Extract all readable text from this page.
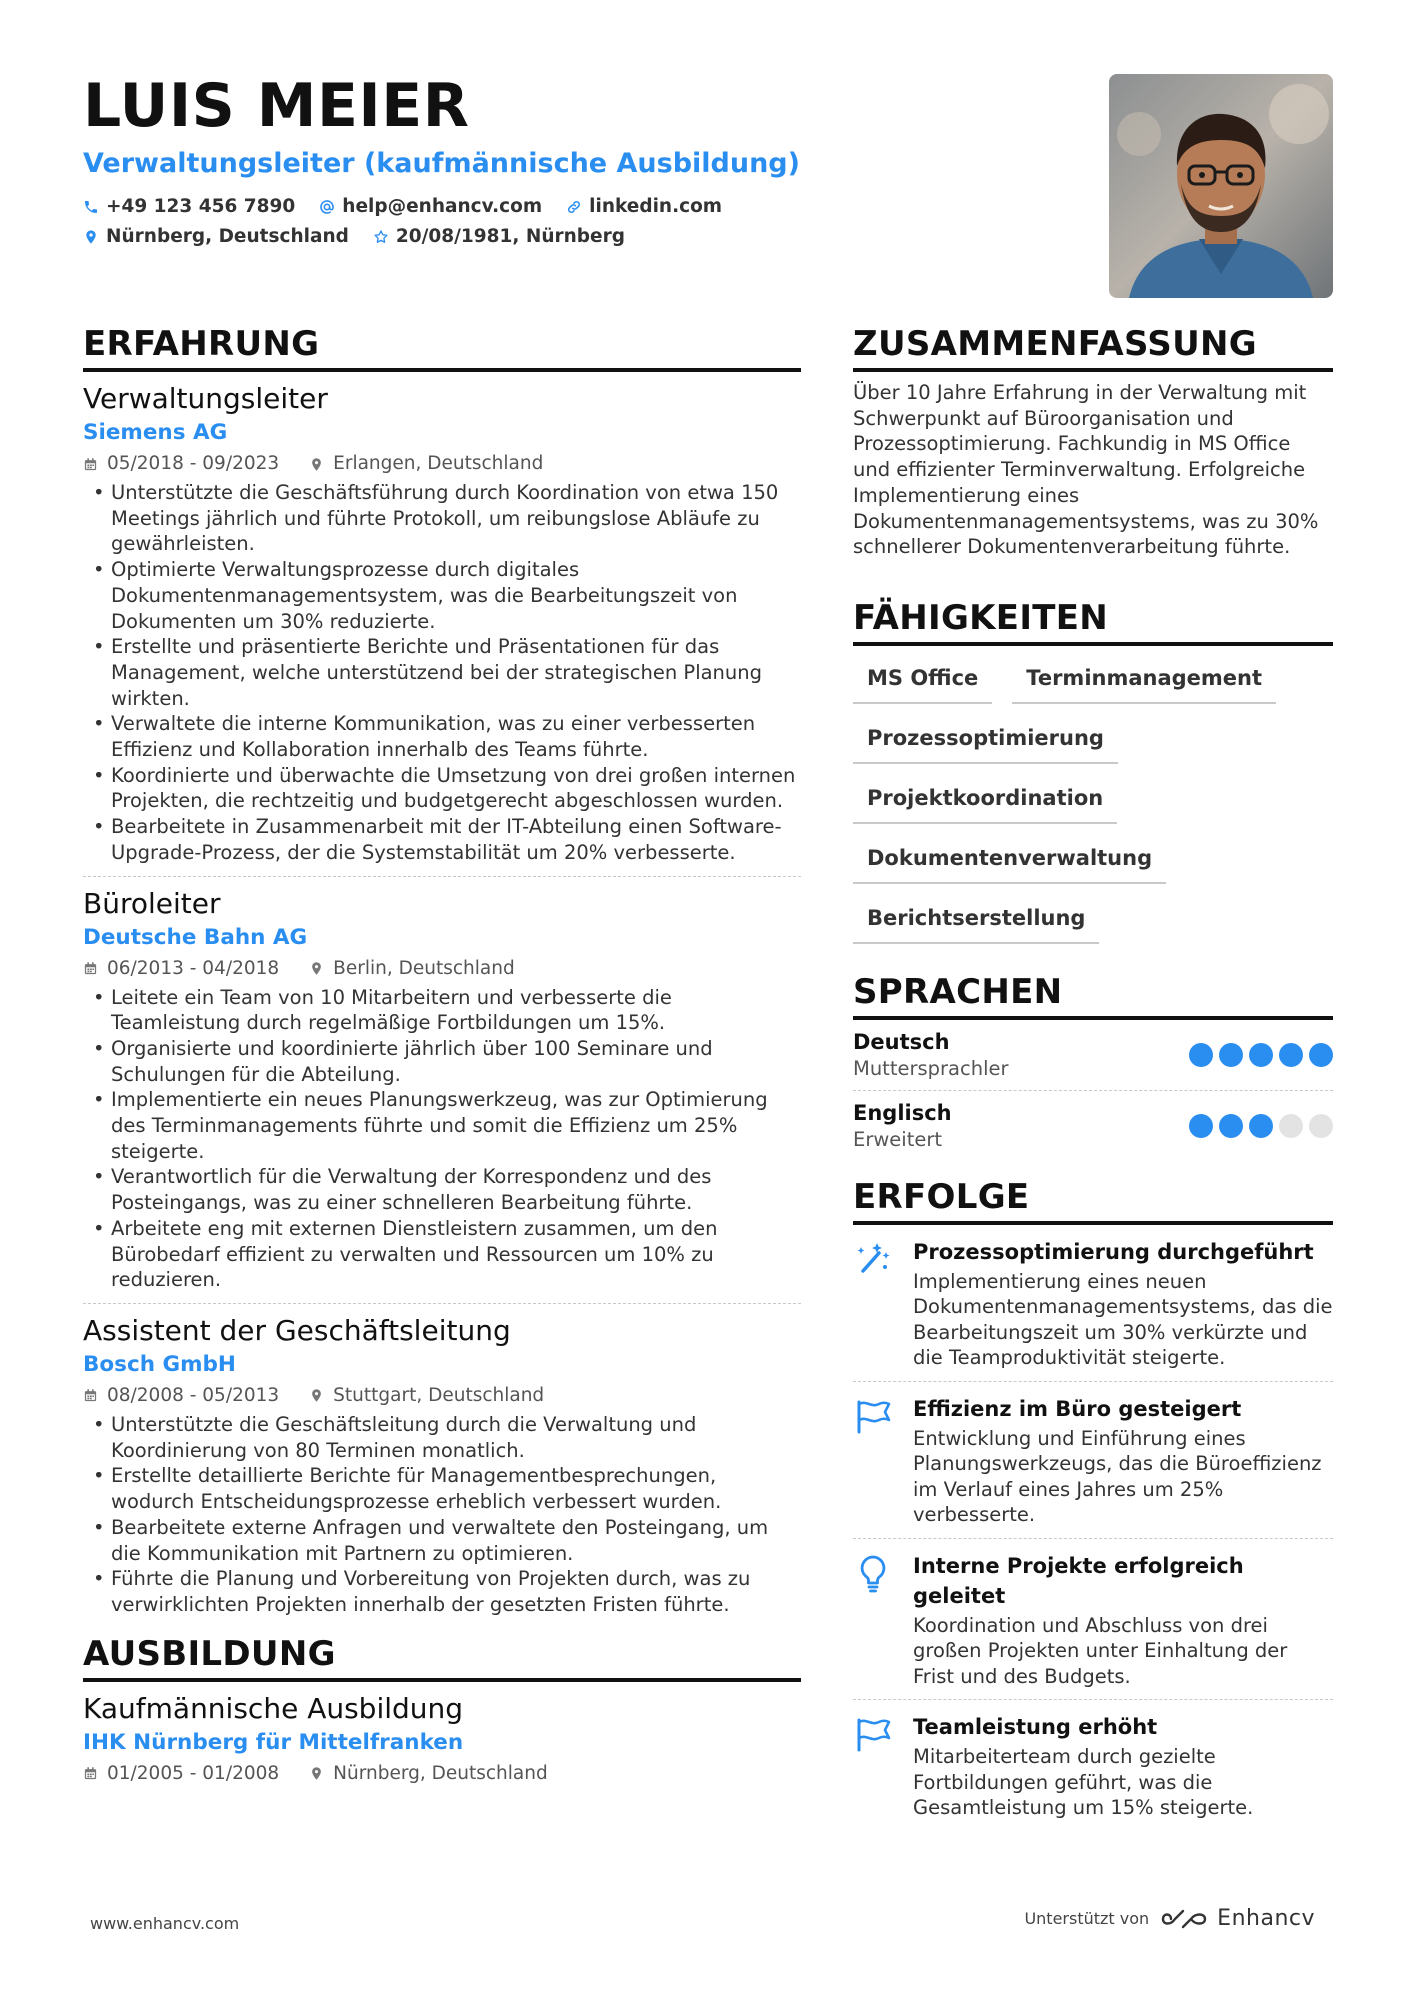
LUIS MEIER
Verwaltungsleiter (kaufmännische Ausbildung)
+49 123 456 7890	help@enhancv.com	linkedin.com
Nürnberg, Deutschland	20/08/1981, Nürnberg
ERFAHRUNG
Verwaltungsleiter
Siemens AG
05/2018 - 09/2023	Erlangen, Deutschland
• Unterstützte die Geschäftsführung durch Koordination von etwa 150 Meetings jährlich und führte Protokoll, um reibungslose Abläufe zu gewährleisten.
• Optimierte Verwaltungsprozesse durch digitales Dokumentenmanagementsystem, was die Bearbeitungszeit von Dokumenten um 30% reduzierte.
• Erstellte und präsentierte Berichte und Präsentationen für das Management, welche unterstützend bei der strategischen Planung wirkten.
• Verwaltete die interne Kommunikation, was zu einer verbesserten Effizienz und Kollaboration innerhalb des Teams führte.
• Koordinierte und überwachte die Umsetzung von drei großen internen Projekten, die rechtzeitig und budgetgerecht abgeschlossen wurden.
• Bearbeitete in Zusammenarbeit mit der IT-Abteilung einen Software-Upgrade-Prozess, der die Systemstabilität um 20% verbesserte.
Büroleiter
Deutsche Bahn AG
06/2013 - 04/2018	Berlin, Deutschland
• Leitete ein Team von 10 Mitarbeitern und verbesserte die Teamleistung durch regelmäßige Fortbildungen um 15%.
• Organisierte und koordinierte jährlich über 100 Seminare und Schulungen für die Abteilung.
• Implementierte ein neues Planungswerkzeug, was zur Optimierung des Terminmanagements führte und somit die Effizienz um 25% steigerte.
• Verantwortlich für die Verwaltung der Korrespondenz und des Posteingangs, was zu einer schnelleren Bearbeitung führte.
• Arbeitete eng mit externen Dienstleistern zusammen, um den Bürobedarf effizient zu verwalten und Ressourcen um 10% zu reduzieren.
Assistent der Geschäftsleitung
Bosch GmbH
08/2008 - 05/2013	Stuttgart, Deutschland
• Unterstützte die Geschäftsleitung durch die Verwaltung und Koordinierung von 80 Terminen monatlich.
• Erstellte detaillierte Berichte für Managementbesprechungen, wodurch Entscheidungsprozesse erheblich verbessert wurden.
• Bearbeitete externe Anfragen und verwaltete den Posteingang, um die Kommunikation mit Partnern zu optimieren.
• Führte die Planung und Vorbereitung von Projekten durch, was zu verwirklichten Projekten innerhalb der gesetzten Fristen führte.
AUSBILDUNG
Kaufmännische Ausbildung
IHK Nürnberg für Mittelfranken
01/2005 - 01/2008	Nürnberg, Deutschland
ZUSAMMENFASSUNG

Über 10 Jahre Erfahrung in der Verwaltung mit Schwerpunkt auf Büroorganisation und Prozessoptimierung. Fachkundig in MS Office und effizienter Terminverwaltung. Erfolgreiche Implementierung eines Dokumentenmanagementsystems, was zu 30% schnellerer Dokumentenverarbeitung führte.

FÄHIGKEITEN
MS Office	Terminmanagement
Prozessoptimierung
Projektkoordination
Dokumentenverwaltung
Berichtserstellung
SPRACHEN
Deutsch
Muttersprachler
Englisch
Erweitert
ERFOLGE
Prozessoptimierung durchgeführt
Implementierung eines neuen Dokumentenmanagementsystems, das die Bearbeitungszeit um 30% verkürzte und die Teamproduktivität steigerte.
Effizienz im Büro gesteigert
Entwicklung und Einführung eines Planungswerkzeugs, das die Büroeffizienz im Verlauf eines Jahres um 25% verbesserte.
Interne Projekte erfolgreich geleitet
Koordination und Abschluss von drei großen Projekten unter Einhaltung der Frist und des Budgets.
Teamleistung erhöht
Mitarbeiterteam durch gezielte Fortbildungen geführt, was die Gesamtleistung um 15% steigerte.
www.enhancv.com	Unterstützt von	Enhancv
